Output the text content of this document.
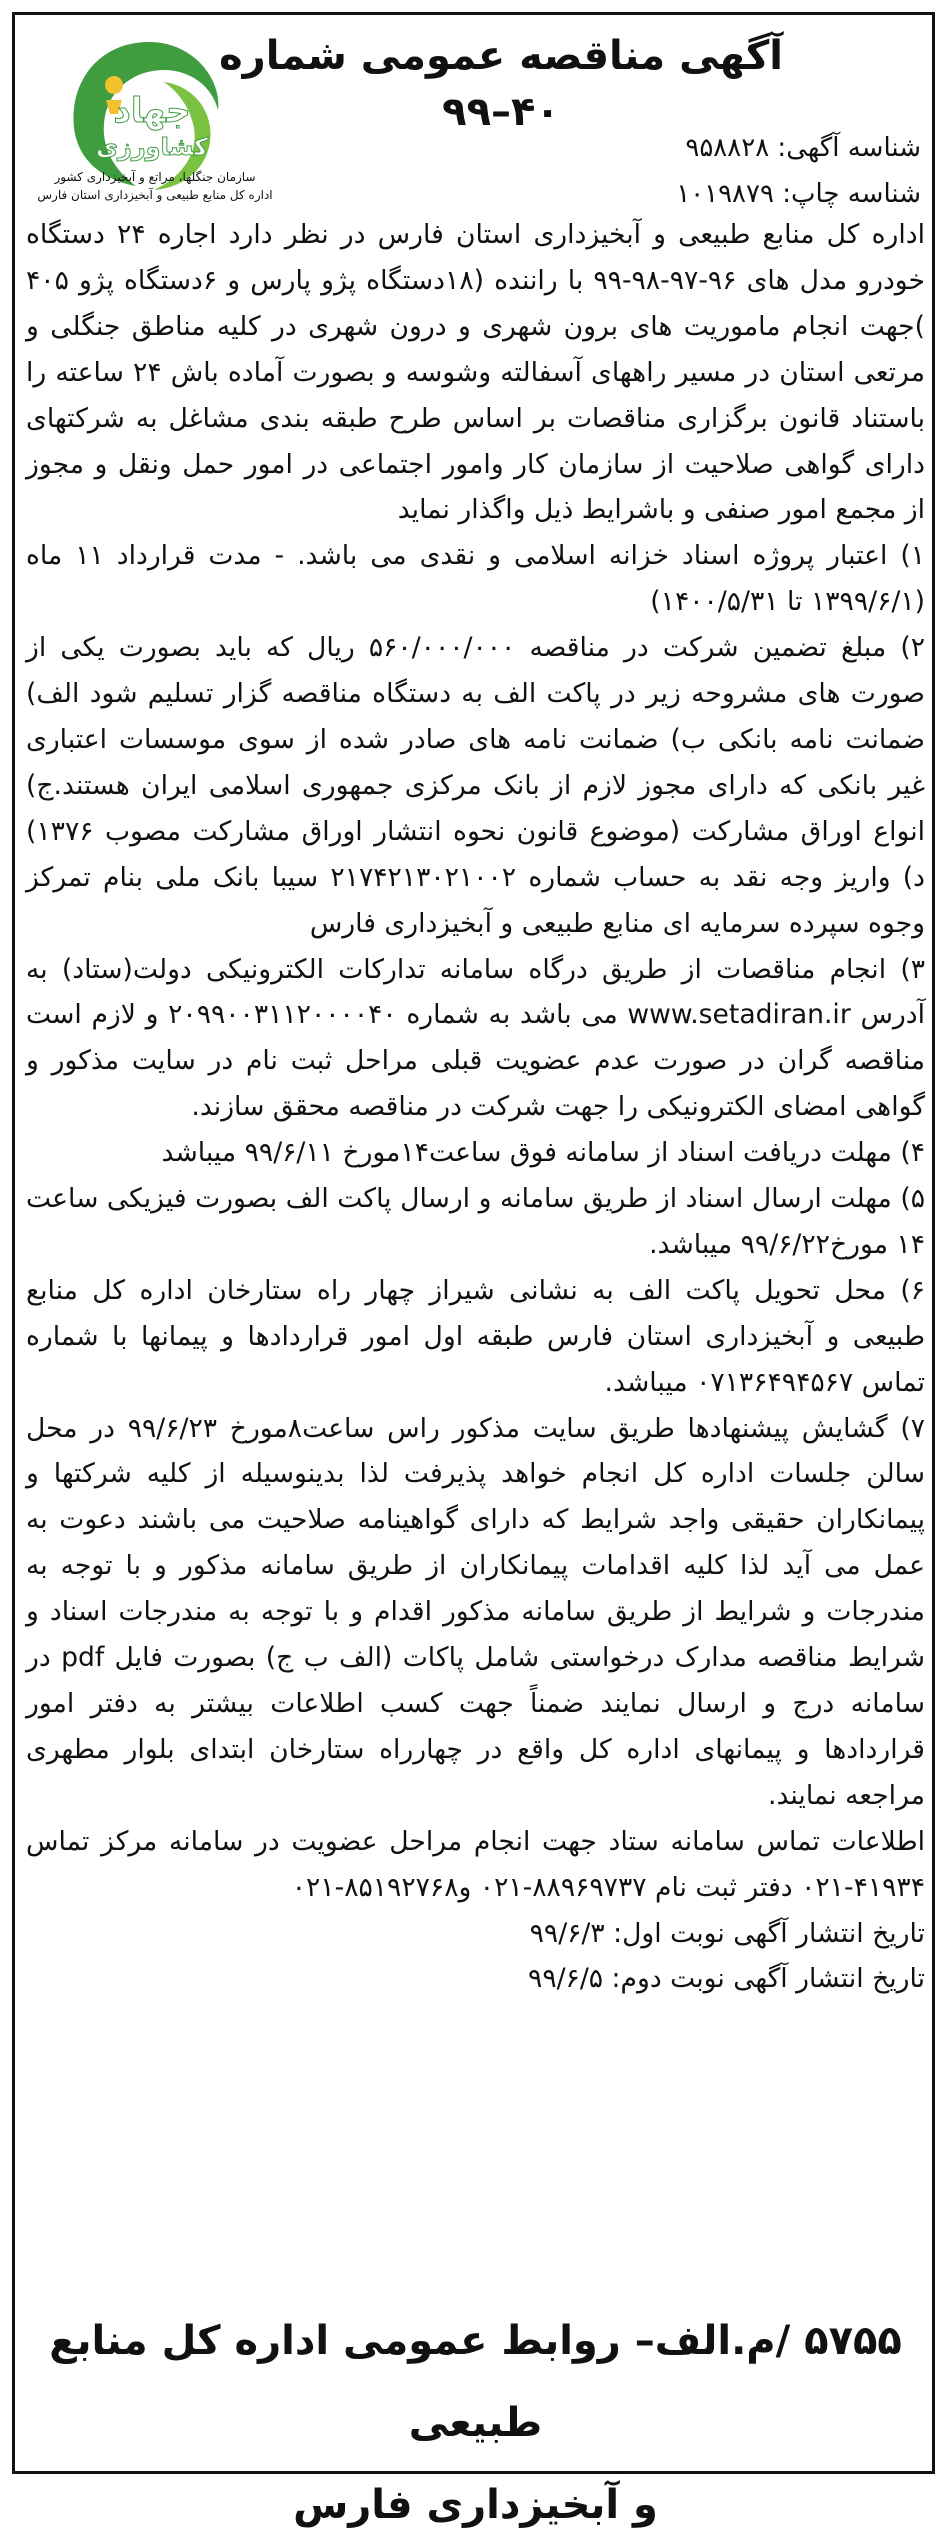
آگهی مناقصه عمومی شماره ۴۰–۹۹
جهاد
کشاورزی
سازمان جنگلها، مراتع و آبخیزداری کشور
اداره کل منابع طبیعی و آبخیزداری استان فارس
شناسه آگهی: ۹۵۸۸۲۸
شناسه چاپ: ۱۰۱۹۸۷۹

اداره کل منابع طبیعی و آبخیزداری استان فارس در نظر دارد اجاره ۲۴ دستگاه خودرو مدل های ۹۶-۹۷-۹۸-۹۹ با راننده (۱۸دستگاه پژو پارس و ۶دستگاه پژو ۴۰۵ )جهت انجام ماموریت های برون شهری و درون شهری در کلیه مناطق جنگلی و مرتعی استان در مسیر راههای آسفالته وشوسه و بصورت آماده باش ۲۴ ساعته را باستناد قانون برگزاری مناقصات بر اساس طرح طبقه بندی مشاغل به شرکتهای دارای گواهی صلاحیت از سازمان کار وامور اجتماعی در امور حمل ونقل و مجوز از مجمع امور صنفی و باشرایط ذیل واگذار نماید

۱) اعتبار پروژه اسناد خزانه اسلامی و نقدی می باشد. - مدت قرارداد ۱۱ ماه (۱۳۹۹/۶/۱ تا ۱۴۰۰/۵/۳۱)

۲) مبلغ تضمین شرکت در مناقصه ۵۶۰/۰۰۰/۰۰۰ ریال که باید بصورت یکی از صورت های مشروحه زیر در پاکت الف به دستگاه مناقصه گزار تسلیم شود الف) ضمانت نامه بانکی ب) ضمانت نامه های صادر شده از سوی موسسات اعتباری غیر بانکی که دارای مجوز لازم از بانک مرکزی جمهوری اسلامی ایران هستند.ج) انواع اوراق مشارکت (موضوع قانون نحوه انتشار اوراق مشارکت مصوب ۱۳۷۶) د) واریز وجه نقد به حساب شماره ۲۱۷۴۲۱۳۰۲۱۰۰۲ سیبا بانک ملی بنام تمرکز وجوه سپرده سرمایه ای منابع طبیعی و آبخیزداری فارس

۳) انجام مناقصات از طریق درگاه سامانه تدارکات الکترونیکی دولت(ستاد) به آدرس www.setadiran.ir می باشد به شماره ۲۰۹۹۰۰۳۱۱۲۰۰۰۰۴۰ و لازم است مناقصه گران در صورت عدم عضویت قبلی مراحل ثبت نام در سایت مذکور و گواهی امضای الکترونیکی را جهت شرکت در مناقصه محقق سازند.

۴) مهلت دریافت اسناد از سامانه فوق ساعت۱۴مورخ ۹۹/۶/۱۱ میباشد

۵) مهلت ارسال اسناد از طریق سامانه و ارسال پاکت الف بصورت فیزیکی ساعت ۱۴ مورخ۹۹/۶/۲۲ میباشد.

۶) محل تحویل پاکت الف به نشانی شیراز چهار راه ستارخان اداره کل منابع طبیعی و آبخیزداری استان فارس طبقه اول امور قراردادها و پیمانها با شماره تماس ۰۷۱۳۶۴۹۴۵۶۷ میباشد.

۷) گشایش پیشنهادها طریق سایت مذکور راس ساعت۸مورخ ۹۹/۶/۲۳ در محل سالن جلسات اداره کل انجام خواهد پذیرفت لذا بدینوسیله از کلیه شرکتها و پیمانکاران حقیقی واجد شرایط که دارای گواهینامه صلاحیت می باشند دعوت به عمل می آید لذا کلیه اقدامات پیمانکاران از طریق سامانه مذکور و با توجه به مندرجات و شرایط از طریق سامانه مذکور اقدام و با توجه به مندرجات اسناد و شرایط مناقصه مدارک درخواستی شامل پاکات (الف ب ج) بصورت فایل pdf در سامانه درج و ارسال نمایند ضمناً جهت کسب اطلاعات بیشتر به دفتر امور قراردادها و پیمانهای اداره کل واقع در چهارراه ستارخان ابتدای بلوار مطهری مراجعه نمایند.

اطلاعات تماس سامانه ستاد جهت انجام مراحل عضویت در سامانه مرکز تماس ۴۱۹۳۴-۰۲۱ دفتر ثبت نام ۸۸۹۶۹۷۳۷-۰۲۱ و۸۵۱۹۲۷۶۸-۰۲۱

تاریخ انتشار آگهی نوبت اول: ۹۹/۶/۳

تاریخ انتشار آگهی نوبت دوم: ۹۹/۶/۵

۵۷۵۵ /م.الف– روابط عمومی اداره کل منابع طبیعی
و آبخیزداری فارس
